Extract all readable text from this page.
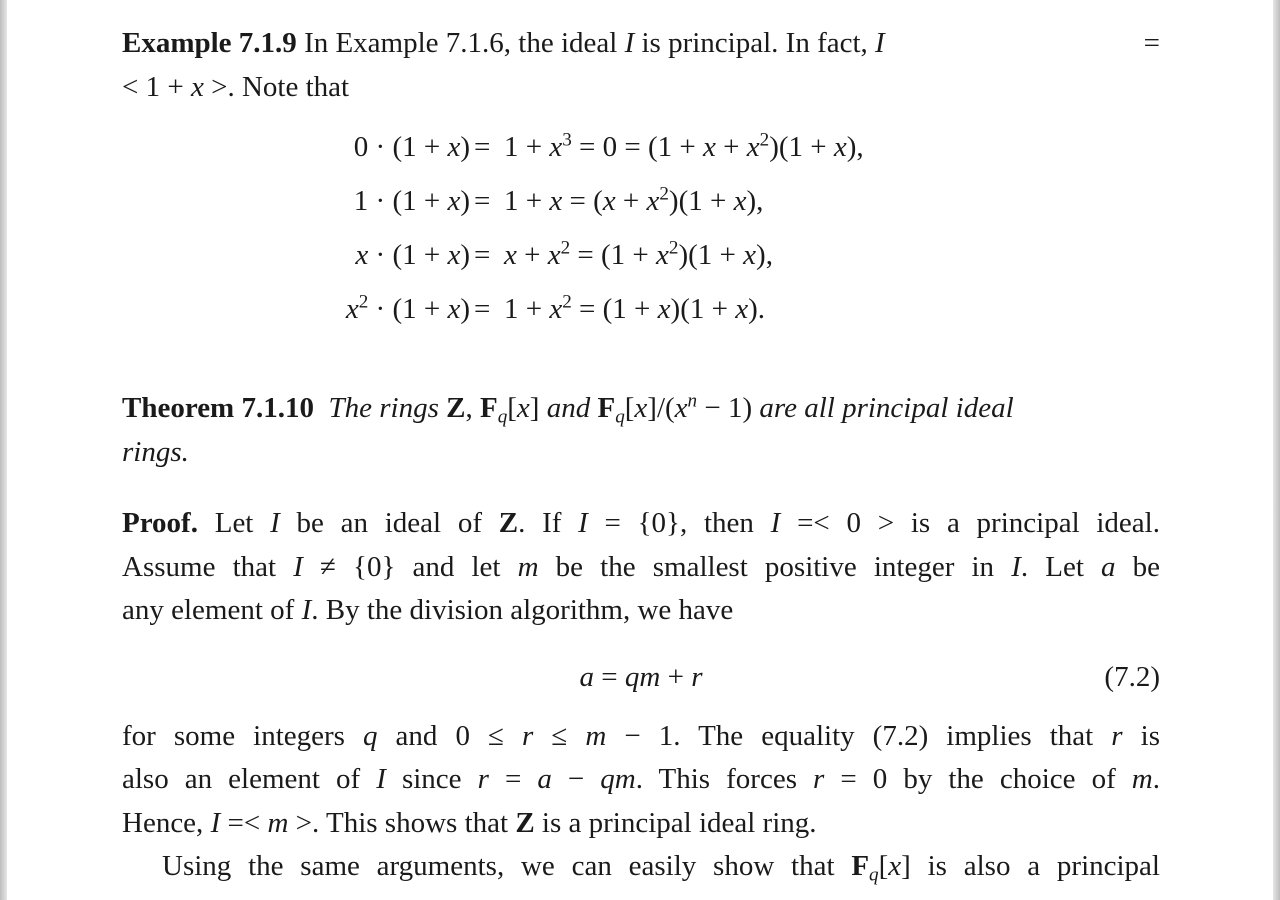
Example 7.1.9 In Example 7.1.6, the ideal I is principal. In fact, I	=

< 1 + x >. Note that
$0 \cdot (1 + x) = 1 + x^3 = 0 = (1 + x + x^2)(1 + x)$,
$1 \cdot (1 + x) = 1 + x = (x + x^2)(1 + x)$,
$x \cdot (1 + x) = x + x^2 = (1 + x^2)(1 + x)$,
$x^2 \cdot (1 + x) = 1 + x^2 = (1 + x)(1 + x)$.
Theorem 7.1.10 The rings Z, $F_q[x]$ and $F_q[x]/(x^n - 1)$ are all principal ideal
rings.
Proof. Let I be an ideal of Z. If I = {0}, then I =< 0 > is a principal ideal.
Assume that I ≠ {0} and let m be the smallest positive integer in I. Let a be
any element of I. By the division algorithm, we have
a = qm + r	(7.2)
for some integers q and 0 ≤ r ≤ m − 1. The equality (7.2) implies that r is
also an element of I since r = a − qm. This forces r = 0 by the choice of m.
Hence, I =< m >. This shows that Z is a principal ideal ring.
Using the same arguments, we can easily show that $F_q[x]$ is also a principal
